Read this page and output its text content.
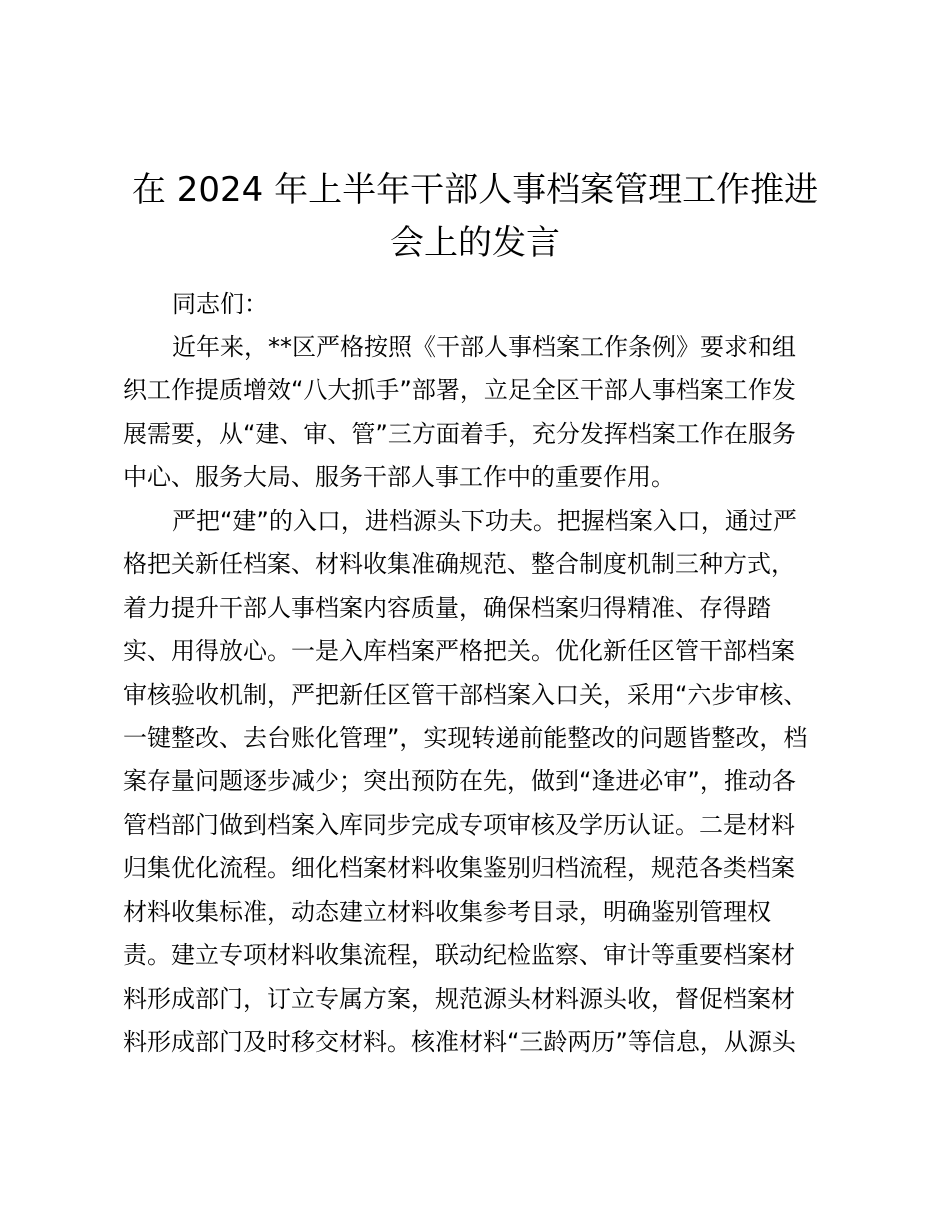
在 2024 年上半年干部人事档案管理工作推进
会上的发言
同志们：
近年来，**区严格按照《干部人事档案工作条例》要求和组
织工作提质增效“八大抓手”部署，立足全区干部人事档案工作发
展需要，从“建、审、管”三方面着手，充分发挥档案工作在服务
中心、服务大局、服务干部人事工作中的重要作用。
严把“建”的入口，进档源头下功夫。把握档案入口，通过严
格把关新任档案、材料收集准确规范、整合制度机制三种方式，
着力提升干部人事档案内容质量，确保档案归得精准、存得踏
实、用得放心。一是入库档案严格把关。优化新任区管干部档案
审核验收机制，严把新任区管干部档案入口关，采用“六步审核、
一键整改、去台账化管理”，实现转递前能整改的问题皆整改，档
案存量问题逐步减少；突出预防在先，做到“逢进必审”，推动各
管档部门做到档案入库同步完成专项审核及学历认证。二是材料
归集优化流程。细化档案材料收集鉴别归档流程，规范各类档案
材料收集标准，动态建立材料收集参考目录，明确鉴别管理权
责。建立专项材料收集流程，联动纪检监察、审计等重要档案材
料形成部门，订立专属方案，规范源头材料源头收，督促档案材
料形成部门及时移交材料。核准材料“三龄两历”等信息，从源头
